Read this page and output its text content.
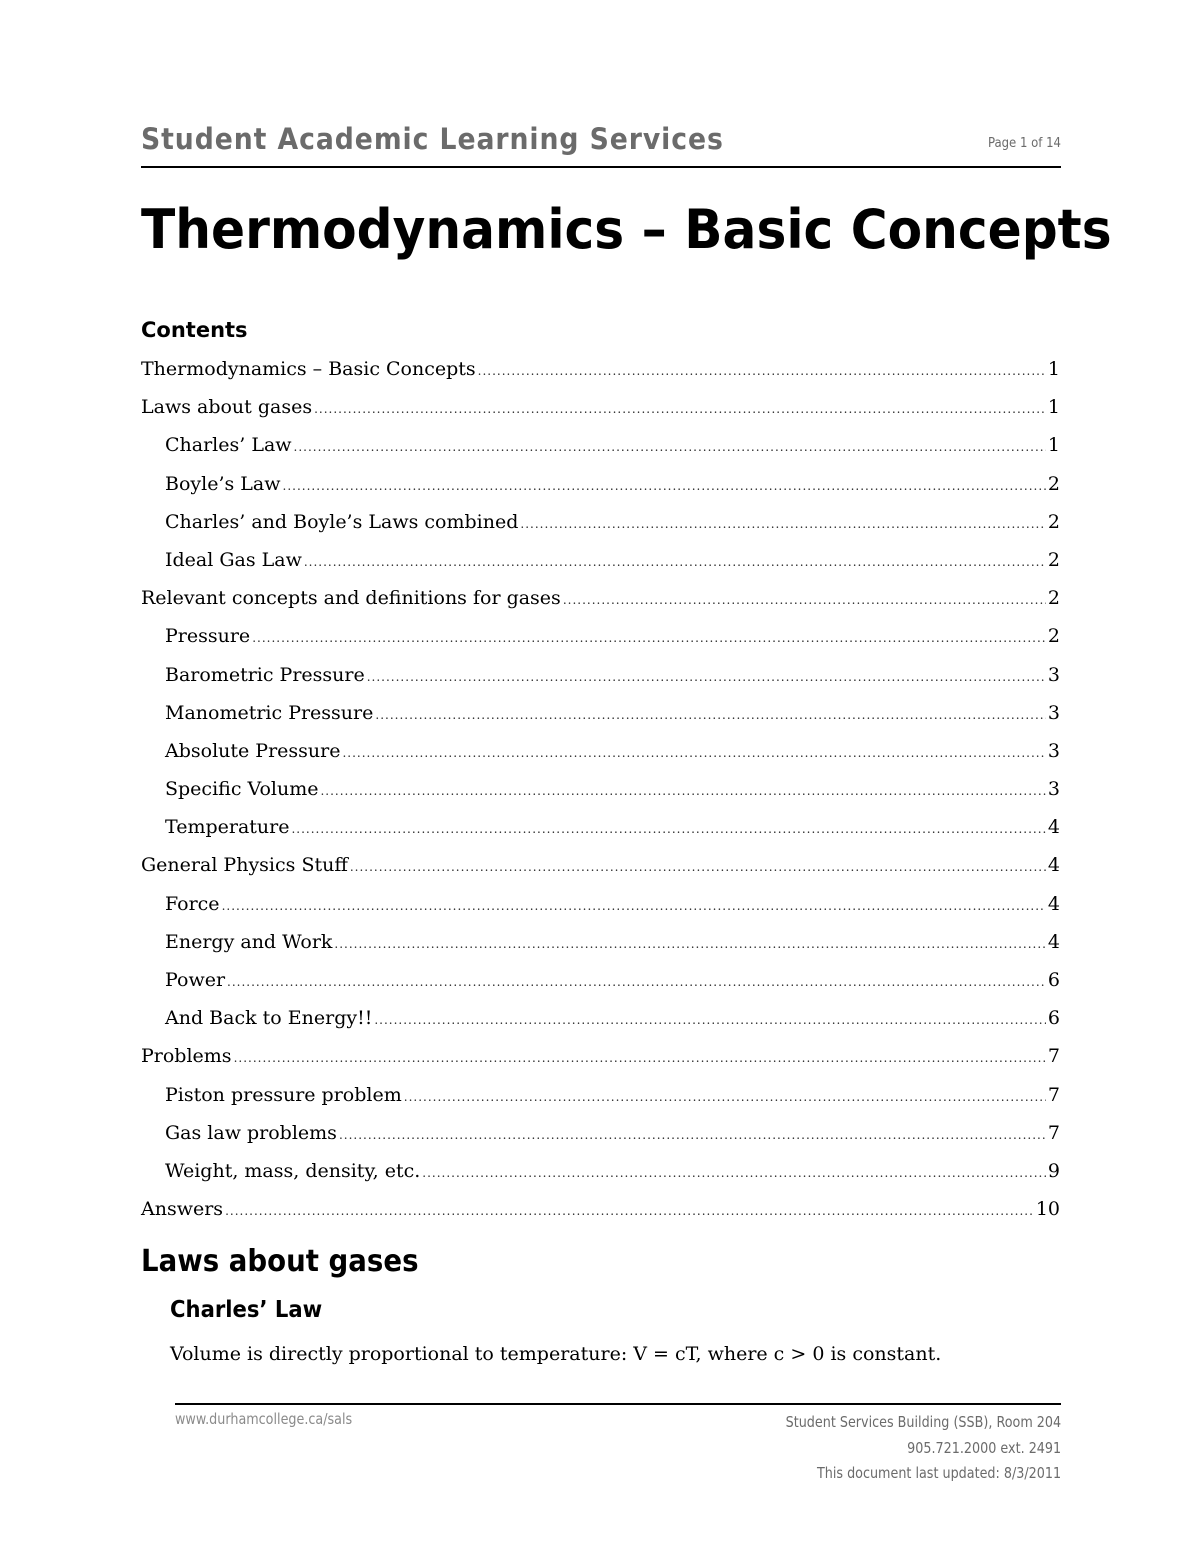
Student Academic Learning Services	Page 1 of 14
Thermodynamics – Basic Concepts
Contents
Thermodynamics – Basic Concepts .....	1
Laws about gases .....	1
Charles’ Law .....	1
Boyle’s Law .....	2
Charles’ and Boyle’s Laws combined .....	2
Ideal Gas Law .....	2
Relevant concepts and definitions for gases .....	2
Pressure .....	2
Barometric Pressure .....	3
Manometric Pressure .....	3
Absolute Pressure .....	3
Specific Volume .....	3
Temperature .....	4
General Physics Stuff .....	4
Force .....	4
Energy and Work .....	4
Power .....	6
And Back to Energy!! .....	6
Problems .....	7
Piston pressure problem .....	7
Gas law problems .....	7
Weight, mass, density, etc. .....	9
Answers .....	10
Laws about gases
Charles’ Law
Volume is directly proportional to temperature: V = cT, where c > 0 is constant.
www.durhamcollege.ca/sals	Student Services Building (SSB), Room 204
905.721.2000 ext. 2491
This document last updated: 8/3/2011
